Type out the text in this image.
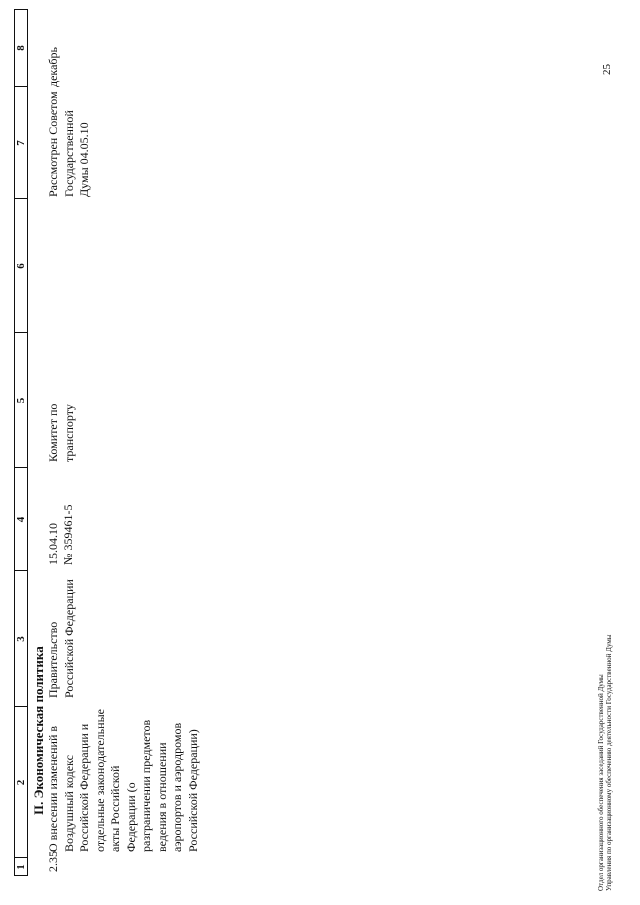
1
2
3
4
5
6
7
8
II. Экономическая политика
2.35
О внесении изменений в Воздушный кодекс Российской Федерации и отдельные законодательные акты Российской Федерации (о разграничении предметов ведения в отношении аэропортов и аэродромов Российской Федерации)
Правительство Российской Федерации
15.04.10 № 359461-5
Комитет по транспорту
Рассмотрен Советом Государственной Думы 04.05.10
декабрь
Отдел организационного обеспечения заседаний Государственной Думы Управления по организационному обеспечению деятельности Государственной Думы
25
